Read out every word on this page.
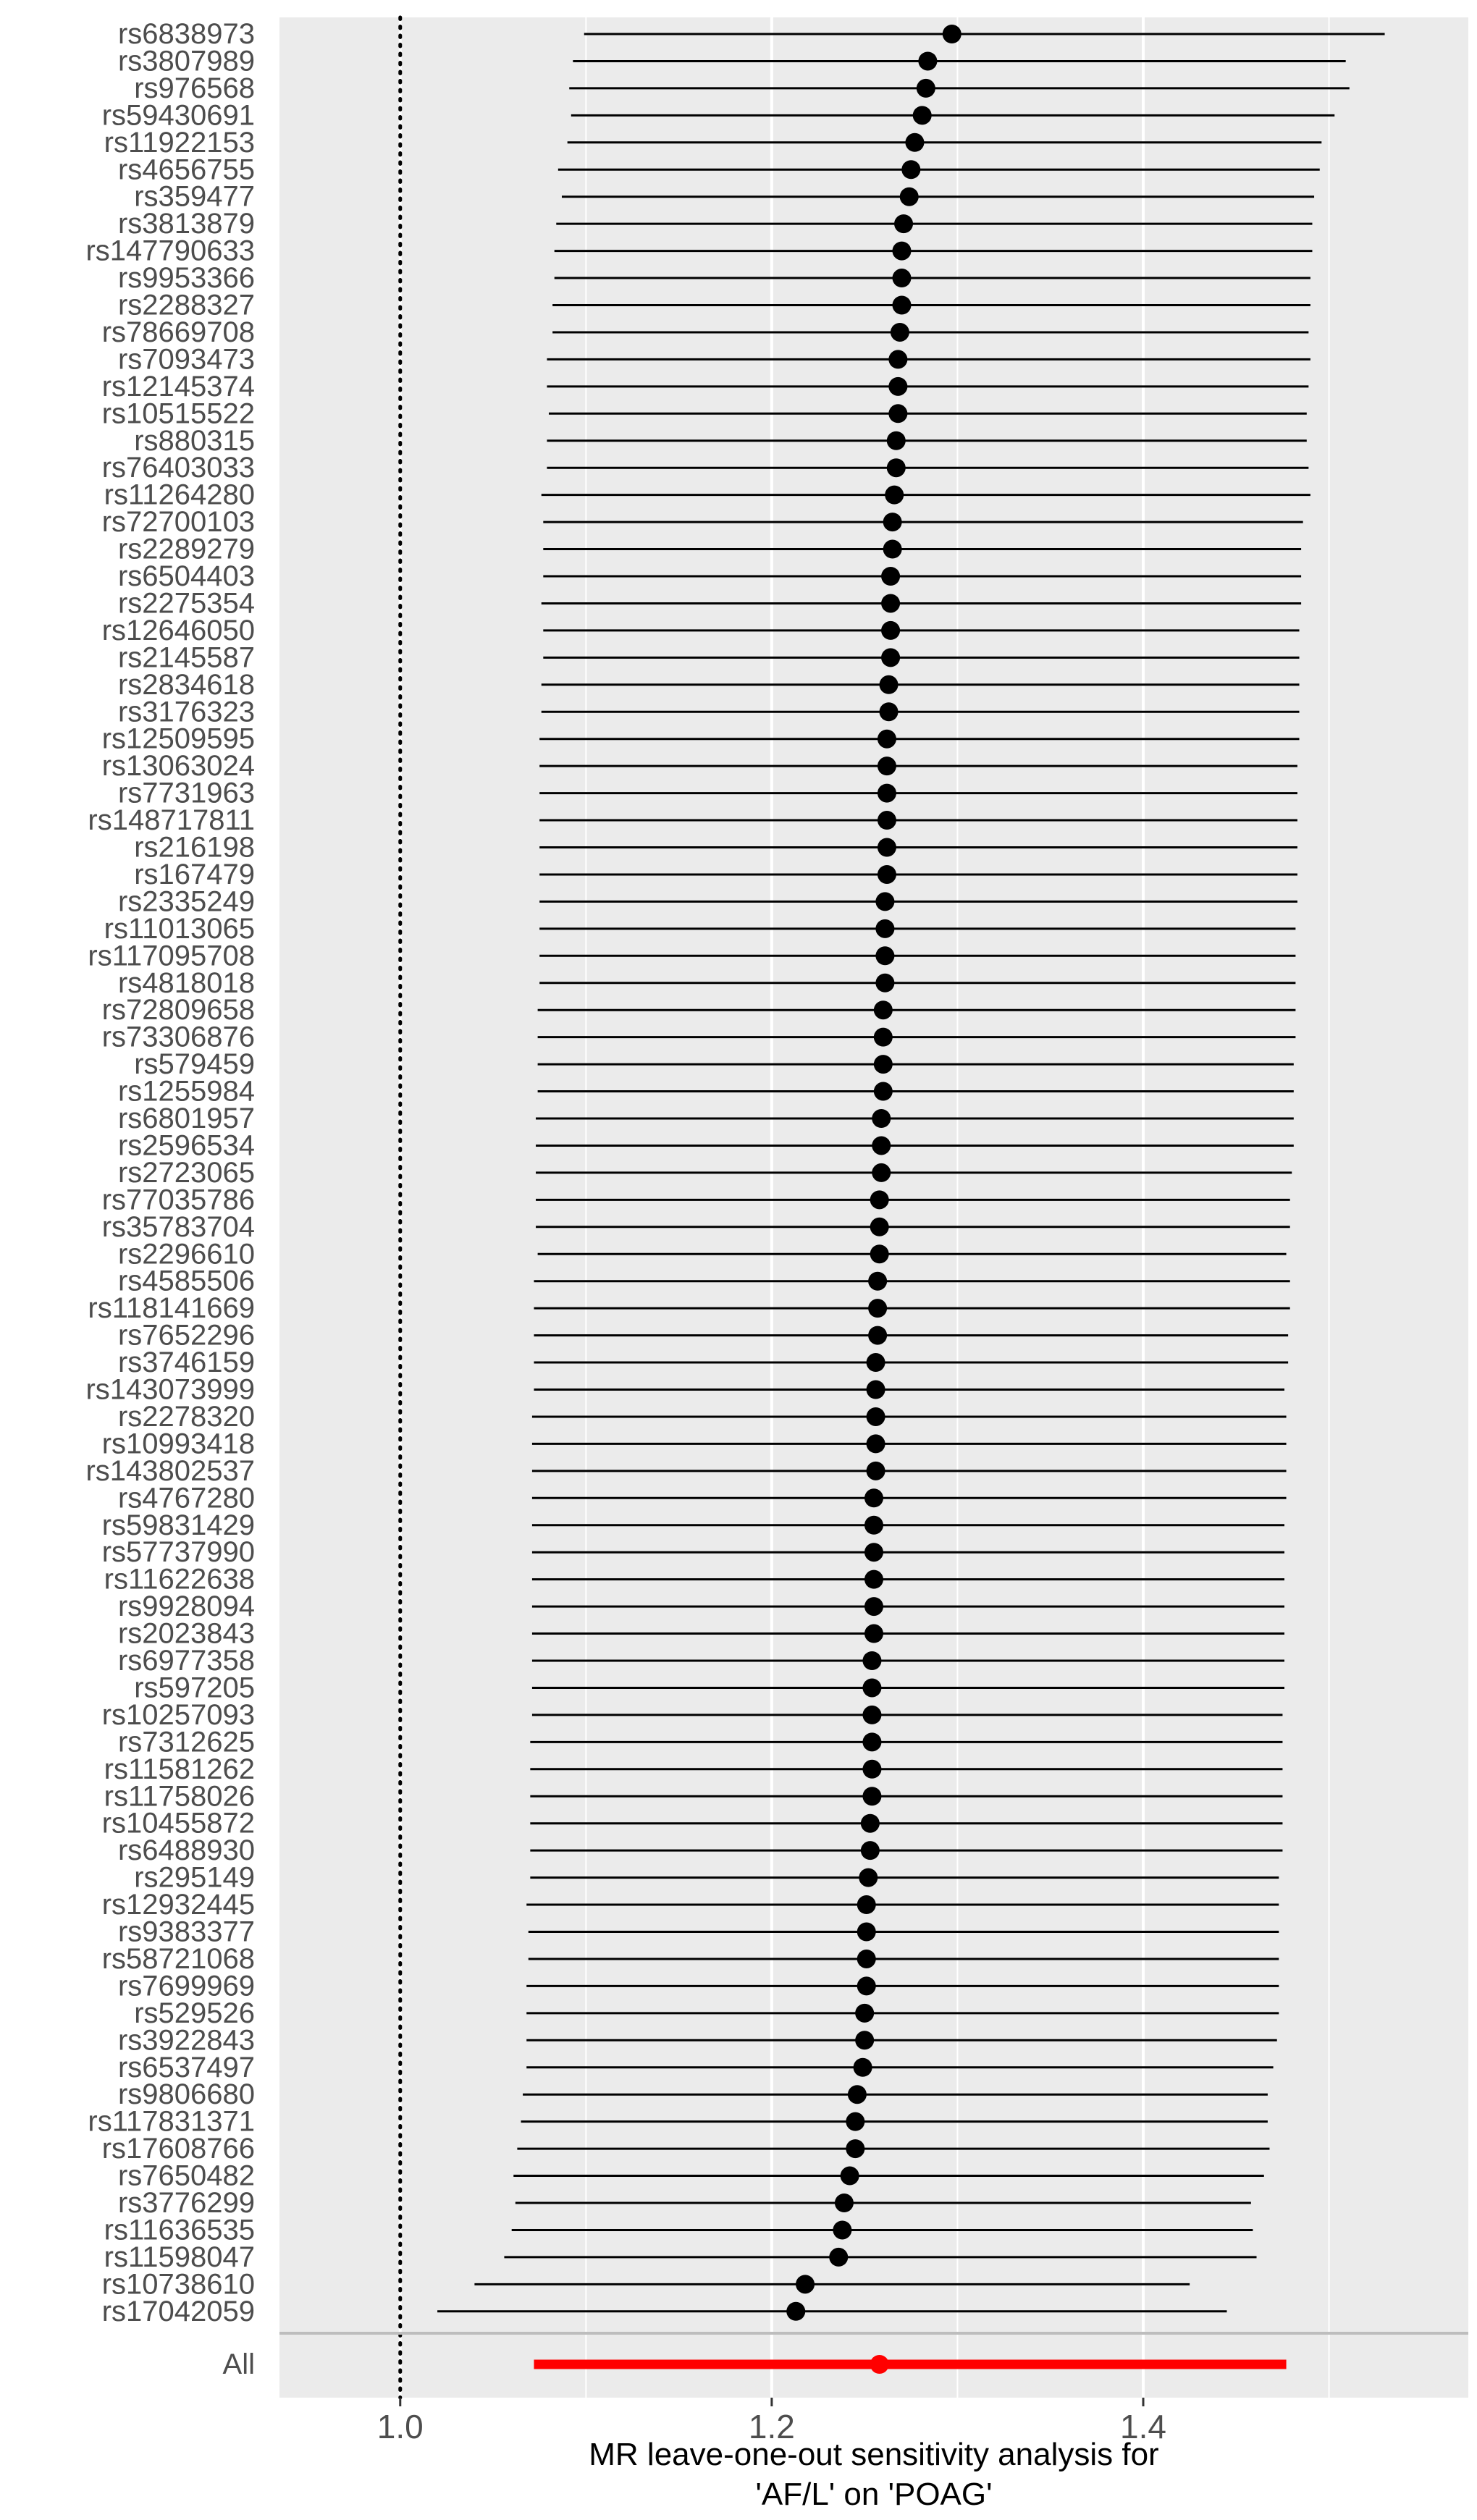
rs6838973
rs3807989
rs976568
rs59430691
rs11922153
rs4656755
rs359477
rs3813879
rs147790633
rs9953366
rs2288327
rs78669708
rs7093473
rs12145374
rs10515522
rs880315
rs76403033
rs11264280
rs72700103
rs2289279
rs6504403
rs2275354
rs12646050
rs2145587
rs2834618
rs3176323
rs12509595
rs13063024
rs7731963
rs148717811
rs216198
rs167479
rs2335249
rs11013065
rs117095708
rs4818018
rs72809658
rs73306876
rs579459
rs1255984
rs6801957
rs2596534
rs2723065
rs77035786
rs35783704
rs2296610
rs4585506
rs118141669
rs7652296
rs3746159
rs143073999
rs2278320
rs10993418
rs143802537
rs4767280
rs59831429
rs57737990
rs11622638
rs9928094
rs2023843
rs6977358
rs597205
rs10257093
rs7312625
rs11581262
rs11758026
rs10455872
rs6488930
rs295149
rs12932445
rs9383377
rs58721068
rs7699969
rs529526
rs3922843
rs6537497
rs9806680
rs117831371
rs17608766
rs7650482
rs3776299
rs11636535
rs11598047
rs10738610
rs17042059
All
1.0	1.2	1.4
MR leave-one-out sensitivity analysis for
'AF/L' on 'POAG'
